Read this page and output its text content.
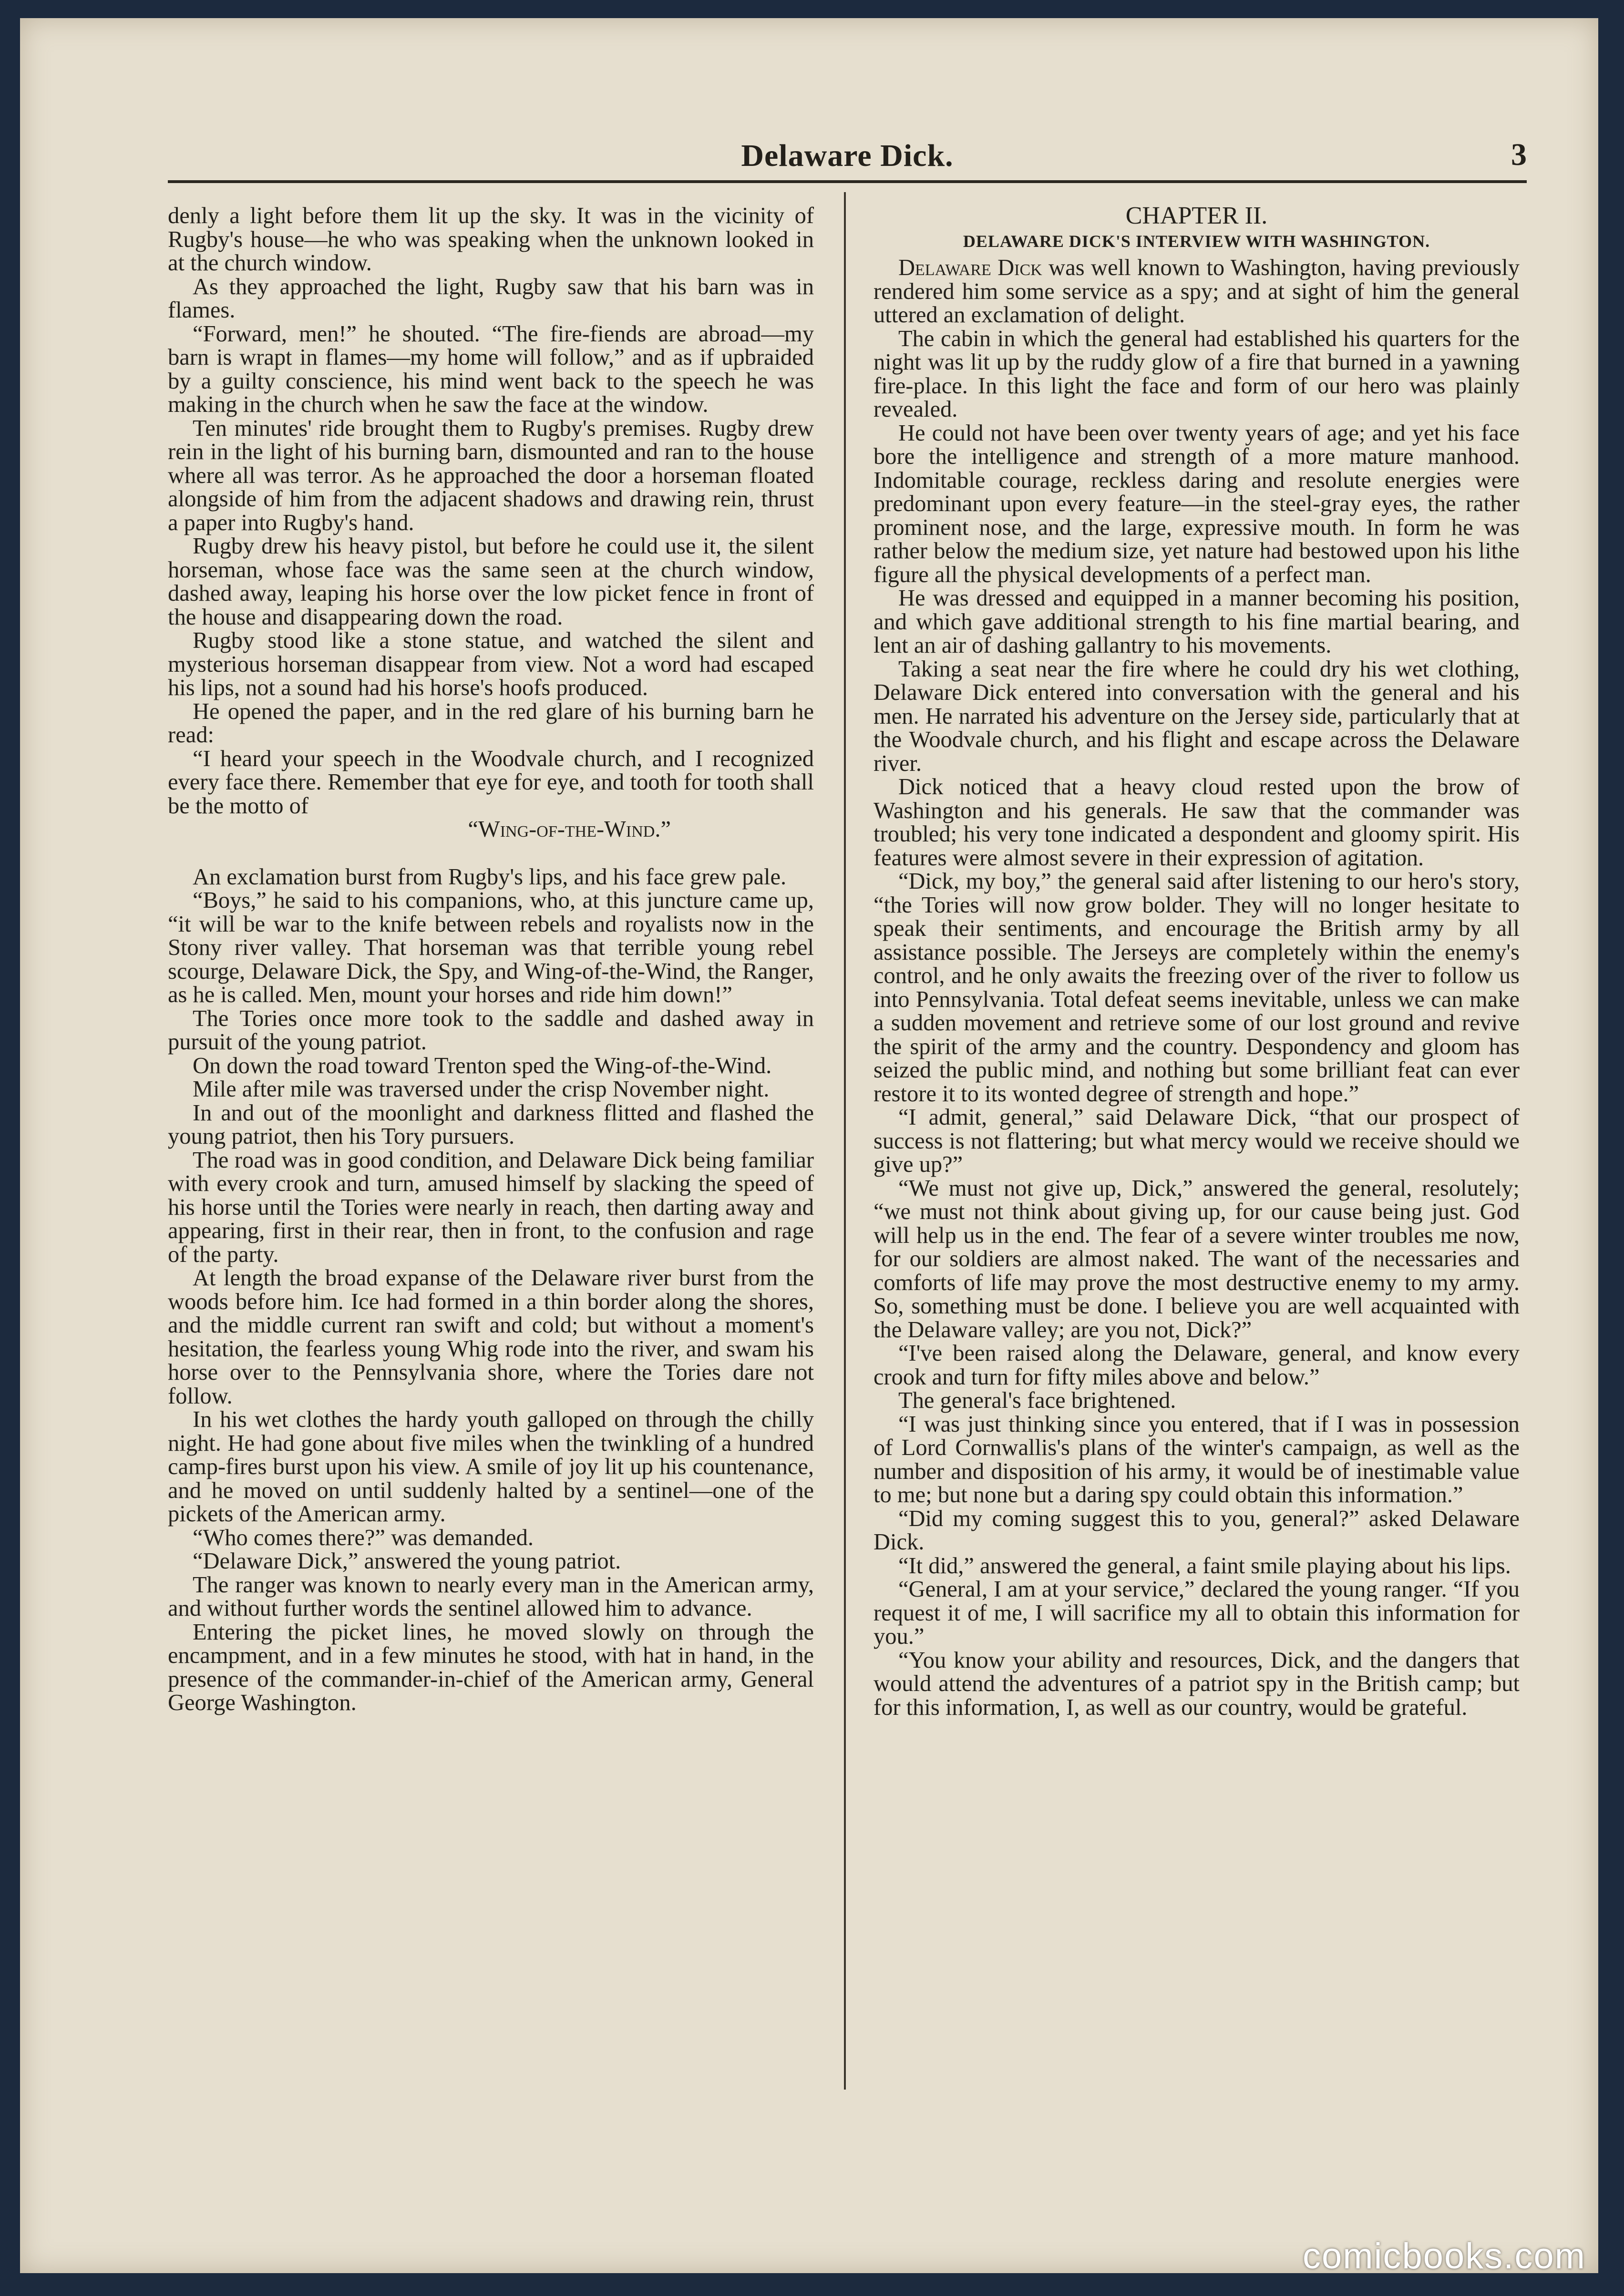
Delaware Dick.	3

denly a light before them lit up the sky. It was in the vicinity of Rugby's house—he who was speaking when the unknown looked in at the church window.

As they approached the light, Rugby saw that his barn was in flames.

“Forward, men!” he shouted. “The fire-fiends are abroad—my barn is wrapt in flames—my home will follow,” and as if upbraided by a guilty conscience, his mind went back to the speech he was making in the church when he saw the face at the window.

Ten minutes' ride brought them to Rugby's premises. Rugby drew rein in the light of his burning barn, dismounted and ran to the house where all was terror. As he approached the door a horseman floated alongside of him from the adjacent shadows and drawing rein, thrust a paper into Rugby's hand.

Rugby drew his heavy pistol, but before he could use it, the silent horseman, whose face was the same seen at the church window, dashed away, leaping his horse over the low picket fence in front of the house and disappearing down the road.

Rugby stood like a stone statue, and watched the silent and mysterious horseman disappear from view. Not a word had escaped his lips, not a sound had his horse's hoofs produced.

He opened the paper, and in the red glare of his burning barn he read:

“I heard your speech in the Woodvale church, and I recognized every face there. Remember that eye for eye, and tooth for tooth shall be the motto of

“Wing-of-the-Wind.”

An exclamation burst from Rugby's lips, and his face grew pale.

“Boys,” he said to his companions, who, at this juncture came up, “it will be war to the knife between rebels and royalists now in the Stony river valley. That horseman was that terrible young rebel scourge, Delaware Dick, the Spy, and Wing-of-the-Wind, the Ranger, as he is called. Men, mount your horses and ride him down!”

The Tories once more took to the saddle and dashed away in pursuit of the young patriot.

On down the road toward Trenton sped the Wing-of-the-Wind.

Mile after mile was traversed under the crisp November night.

In and out of the moonlight and darkness flitted and flashed the young patriot, then his Tory pursuers.

The road was in good condition, and Delaware Dick being familiar with every crook and turn, amused himself by slacking the speed of his horse until the Tories were nearly in reach, then darting away and appearing, first in their rear, then in front, to the confusion and rage of the party.

At length the broad expanse of the Delaware river burst from the woods before him. Ice had formed in a thin border along the shores, and the middle current ran swift and cold; but without a moment's hesitation, the fearless young Whig rode into the river, and swam his horse over to the Pennsylvania shore, where the Tories dare not follow.

In his wet clothes the hardy youth galloped on through the chilly night. He had gone about five miles when the twinkling of a hundred camp-fires burst upon his view. A smile of joy lit up his countenance, and he moved on until suddenly halted by a sentinel—one of the pickets of the American army.

“Who comes there?” was demanded.

“Delaware Dick,” answered the young patriot.

The ranger was known to nearly every man in the American army, and without further words the sentinel allowed him to advance.

Entering the picket lines, he moved slowly on through the encampment, and in a few minutes he stood, with hat in hand, in the presence of the commander-in-chief of the American army, General George Washington.

CHAPTER II.
DELAWARE DICK'S INTERVIEW WITH WASHINGTON.

Delaware Dick was well known to Washington, having previously rendered him some service as a spy; and at sight of him the general uttered an exclamation of delight.

The cabin in which the general had established his quarters for the night was lit up by the ruddy glow of a fire that burned in a yawning fire-place. In this light the face and form of our hero was plainly revealed.

He could not have been over twenty years of age; and yet his face bore the intelligence and strength of a more mature manhood. Indomitable courage, reckless daring and resolute energies were predominant upon every feature—in the steel-gray eyes, the rather prominent nose, and the large, expressive mouth. In form he was rather below the medium size, yet nature had bestowed upon his lithe figure all the physical developments of a perfect man.

He was dressed and equipped in a manner becoming his position, and which gave additional strength to his fine martial bearing, and lent an air of dashing gallantry to his movements.

Taking a seat near the fire where he could dry his wet clothing, Delaware Dick entered into conversation with the general and his men. He narrated his adventure on the Jersey side, particularly that at the Woodvale church, and his flight and escape across the Delaware river.

Dick noticed that a heavy cloud rested upon the brow of Washington and his generals. He saw that the commander was troubled; his very tone indicated a despondent and gloomy spirit. His features were almost severe in their expression of agitation.

“Dick, my boy,” the general said after listening to our hero's story, “the Tories will now grow bolder. They will no longer hesitate to speak their sentiments, and encourage the British army by all assistance possible. The Jerseys are completely within the enemy's control, and he only awaits the freezing over of the river to follow us into Pennsylvania. Total defeat seems inevitable, unless we can make a sudden movement and retrieve some of our lost ground and revive the spirit of the army and the country. Despondency and gloom has seized the public mind, and nothing but some brilliant feat can ever restore it to its wonted degree of strength and hope.”

“I admit, general,” said Delaware Dick, “that our prospect of success is not flattering; but what mercy would we receive should we give up?”

“We must not give up, Dick,” answered the general, resolutely; “we must not think about giving up, for our cause being just. God will help us in the end. The fear of a severe winter troubles me now, for our soldiers are almost naked. The want of the necessaries and comforts of life may prove the most destructive enemy to my army. So, something must be done. I believe you are well acquainted with the Delaware valley; are you not, Dick?”

“I've been raised along the Delaware, general, and know every crook and turn for fifty miles above and below.”

The general's face brightened.

“I was just thinking since you entered, that if I was in possession of Lord Cornwallis's plans of the winter's campaign, as well as the number and disposition of his army, it would be of inestimable value to me; but none but a daring spy could obtain this information.”

“Did my coming suggest this to you, general?” asked Delaware Dick.

“It did,” answered the general, a faint smile playing about his lips.

“General, I am at your service,” declared the young ranger. “If you request it of me, I will sacrifice my all to obtain this information for you.”

“You know your ability and resources, Dick, and the dangers that would attend the adventures of a patriot spy in the British camp; but for this information, I, as well as our country, would be grateful.

comicbooks.com
